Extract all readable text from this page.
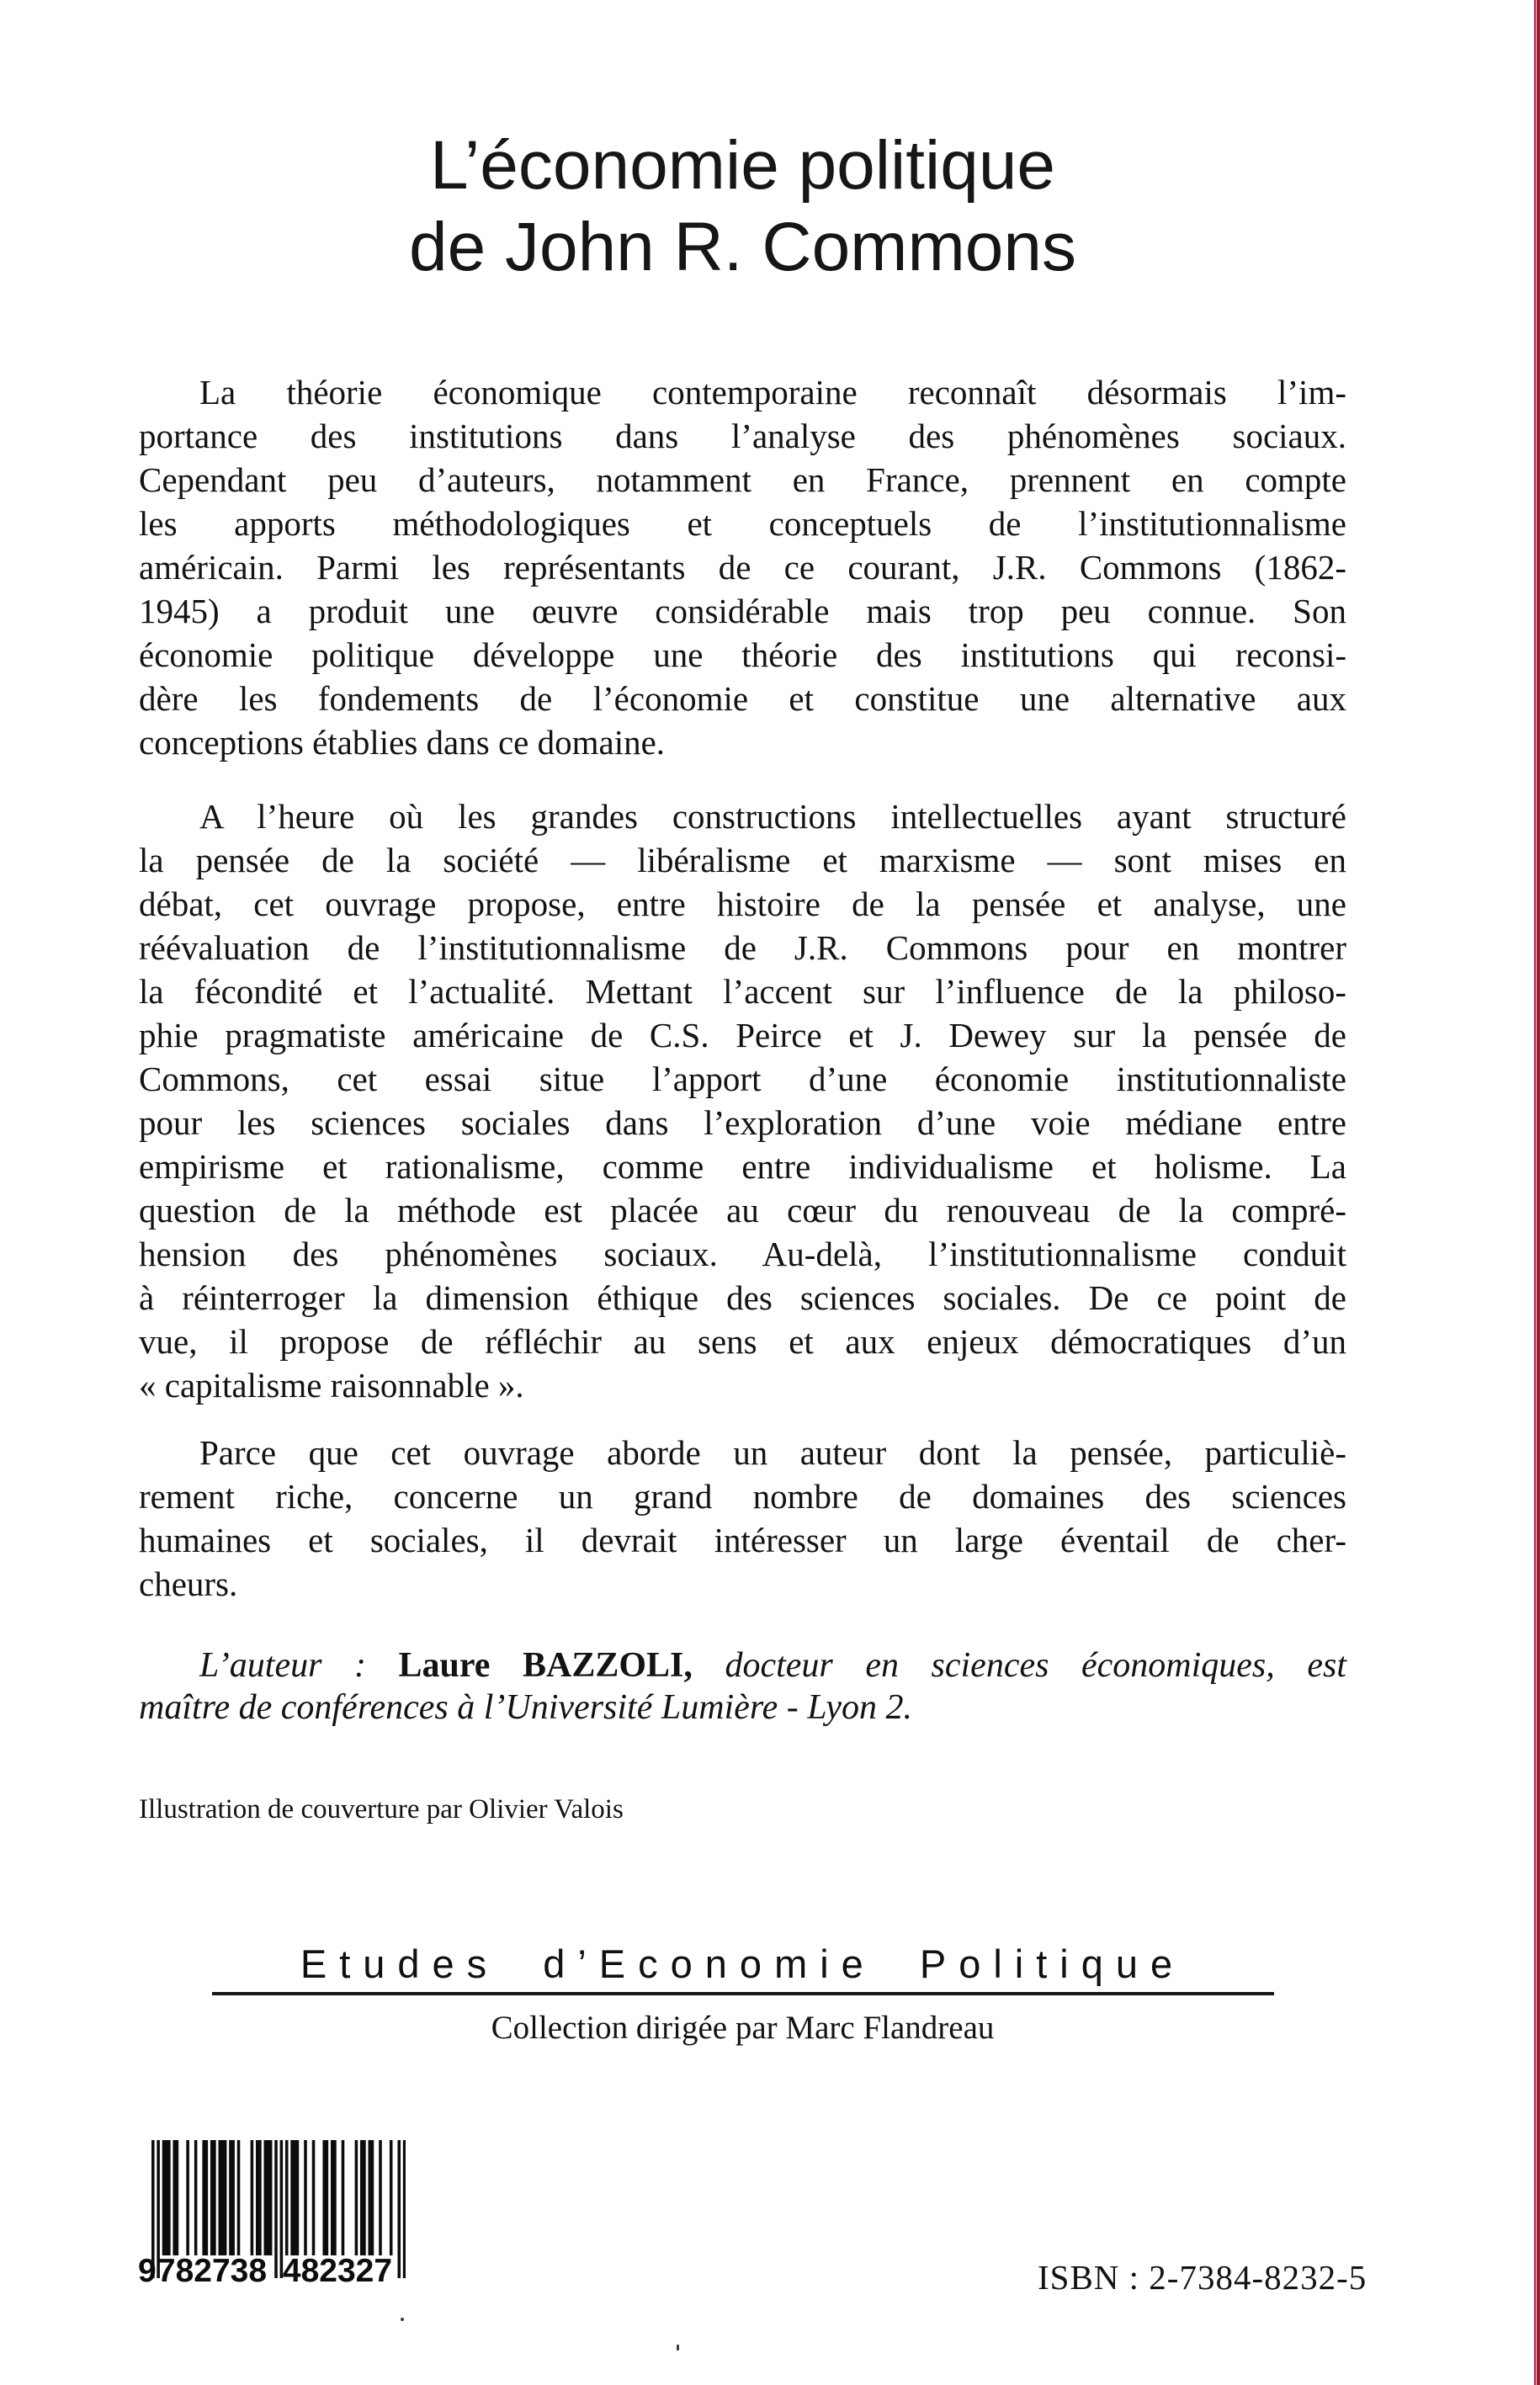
L’économie politique
de John R. Commons
La théorie économique contemporaine reconnaît désormais l’im-
portance des institutions dans l’analyse des phénomènes sociaux.
Cependant peu d’auteurs, notamment en France, prennent en compte
les apports méthodologiques et conceptuels de l’institutionnalisme
américain. Parmi les représentants de ce courant, J.R. Commons (1862-
1945) a produit une œuvre considérable mais trop peu connue. Son
économie politique développe une théorie des institutions qui reconsi-
dère les fondements de l’économie et constitue une alternative aux
conceptions établies dans ce domaine.
A l’heure où les grandes constructions intellectuelles ayant structuré
la pensée de la société — libéralisme et marxisme — sont mises en
débat, cet ouvrage propose, entre histoire de la pensée et analyse, une
réévaluation de l’institutionnalisme de J.R. Commons pour en montrer
la fécondité et l’actualité. Mettant l’accent sur l’influence de la philoso-
phie pragmatiste américaine de C.S. Peirce et J. Dewey sur la pensée de
Commons, cet essai situe l’apport d’une économie institutionnaliste
pour les sciences sociales dans l’exploration d’une voie médiane entre
empirisme et rationalisme, comme entre individualisme et holisme. La
question de la méthode est placée au cœur du renouveau de la compré-
hension des phénomènes sociaux. Au-delà, l’institutionnalisme conduit
à réinterroger la dimension éthique des sciences sociales. De ce point de
vue, il propose de réfléchir au sens et aux enjeux démocratiques d’un
« capitalisme raisonnable ».
Parce que cet ouvrage aborde un auteur dont la pensée, particuliè-
rement riche, concerne un grand nombre de domaines des sciences
humaines et sociales, il devrait intéresser un large éventail de cher-
cheurs.
L’auteur : Laure BAZZOLI, docteur en sciences économiques, est
maître de conférences à l’Université Lumière - Lyon 2.
Illustration de couverture par Olivier Valois
Etudes d’Economie Politique
Collection dirigée par Marc Flandreau
9 782738 482327	ISBN : 2-7384-8232-5
